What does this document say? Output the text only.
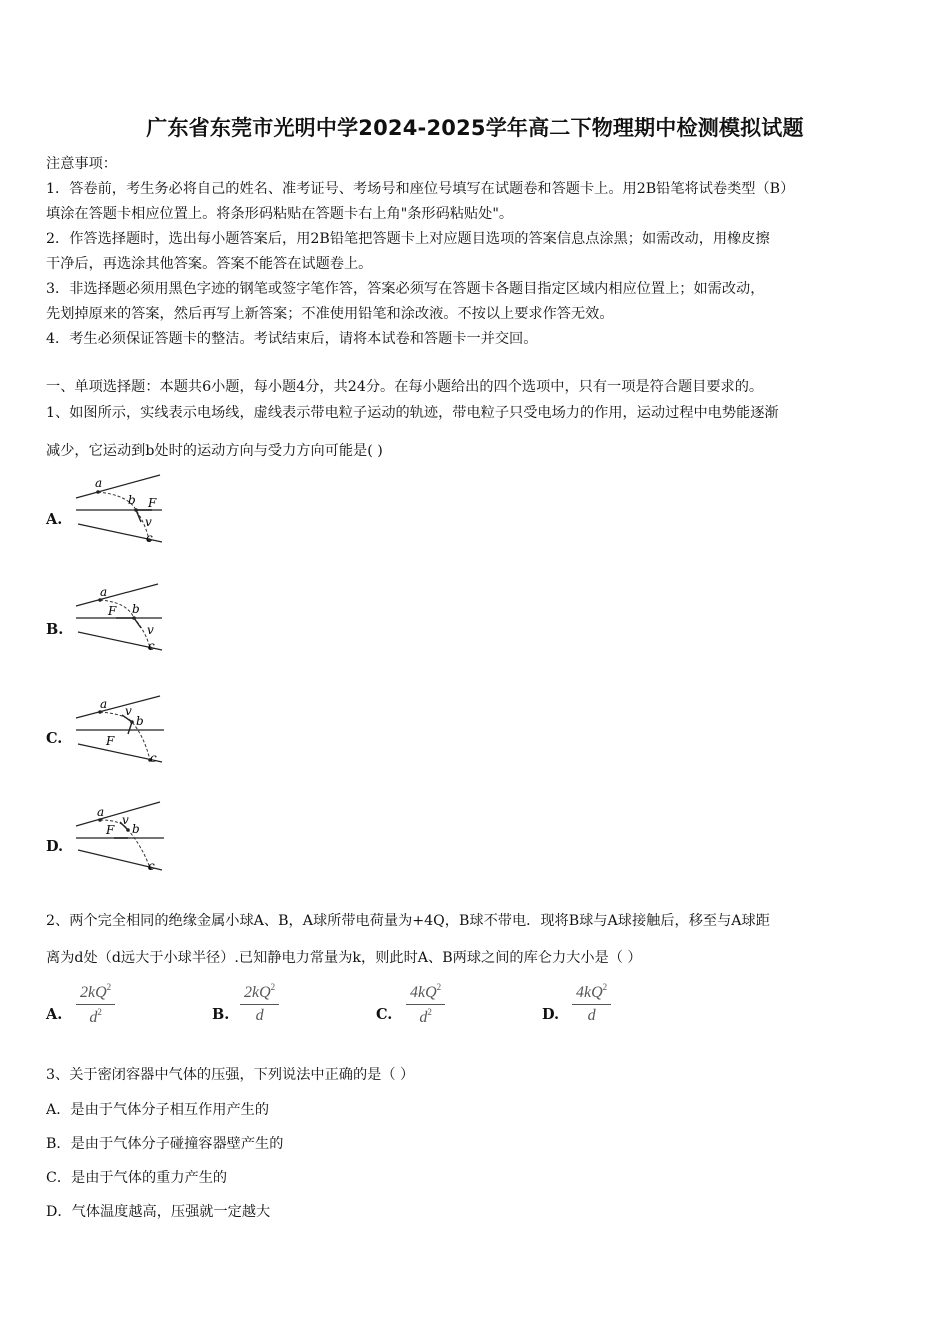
广东省东莞市光明中学2024-2025学年高二下物理期中检测模拟试题
注意事项：
1．答卷前，考生务必将自己的姓名、准考证号、考场号和座位号填写在试题卷和答题卡上。用2B铅笔将试卷类型（B）
填涂在答题卡相应位置上。将条形码粘贴在答题卡右上角"条形码粘贴处"。
2．作答选择题时，选出每小题答案后，用2B铅笔把答题卡上对应题目选项的答案信息点涂黑；如需改动，用橡皮擦
干净后，再选涂其他答案。答案不能答在试题卷上。
3．非选择题必须用黑色字迹的钢笔或签字笔作答，答案必须写在答题卡各题目指定区域内相应位置上；如需改动，
先划掉原来的答案，然后再写上新答案；不准使用铅笔和涂改液。不按以上要求作答无效。
4．考生必须保证答题卡的整洁。考试结束后，请将本试卷和答题卡一并交回。
一、单项选择题：本题共6小题，每小题4分，共24分。在每小题给出的四个选项中，只有一项是符合题目要求的。
1、如图所示，实线表示电场线，虚线表示带电粒子运动的轨迹，带电粒子只受电场力的作用，运动过程中电势能逐渐
减少，它运动到b处时的运动方向与受力方向可能是( )
A.
a
b F
v
c
B.
a
b
F
v
c
C.
a v
b
F
c
D.
a
v
b
F
c
2、两个完全相同的绝缘金属小球A、B，A球所带电荷量为+4Q，B球不带电．现将B球与A球接触后，移至与A球距
离为d处（d远大于小球半径）.已知静电力常量为k，则此时A、B两球之间的库仑力大小是（ ）
A.
$2kQ^2$
$d^2$	B.
$2kQ^2$
d	C.
$4kQ^2$
$d^2$	D.
$4kQ^2$
d
3、关于密闭容器中气体的压强，下列说法中正确的是（ ）
A．是由于气体分子相互作用产生的
B．是由于气体分子碰撞容器壁产生的
C．是由于气体的重力产生的
D．气体温度越高，压强就一定越大
